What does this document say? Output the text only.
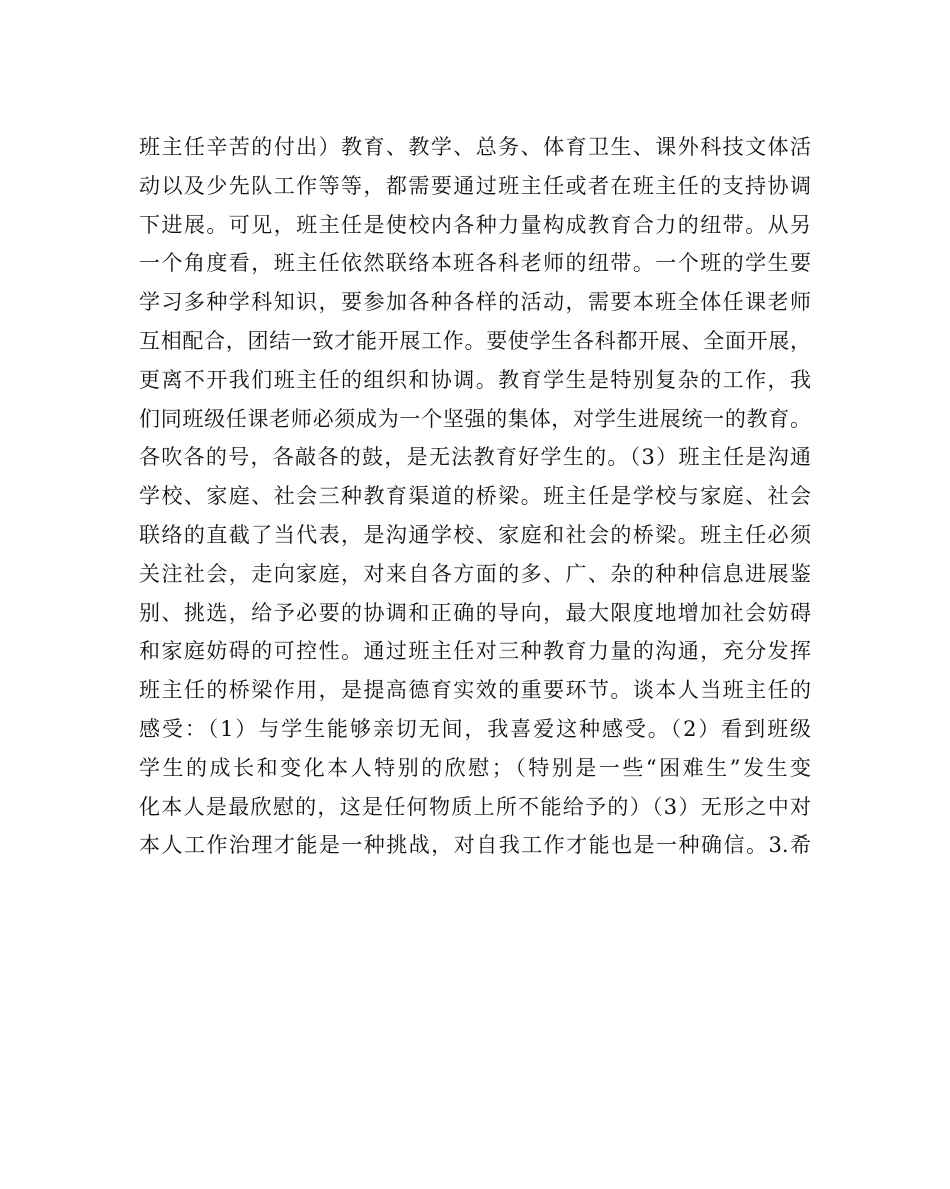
班主任辛苦的付出）教育、教学、总务、体育卫生、课外科技文体活
动以及少先队工作等等，都需要通过班主任或者在班主任的支持协调
下进展。可见，班主任是使校内各种力量构成教育合力的纽带。从另
一个角度看，班主任依然联络本班各科老师的纽带。一个班的学生要
学习多种学科知识，要参加各种各样的活动，需要本班全体任课老师
互相配合，团结一致才能开展工作。要使学生各科都开展、全面开展，
更离不开我们班主任的组织和协调。教育学生是特别复杂的工作，我
们同班级任课老师必须成为一个坚强的集体，对学生进展统一的教育。
各吹各的号，各敲各的鼓，是无法教育好学生的。（3）班主任是沟通
学校、家庭、社会三种教育渠道的桥梁。班主任是学校与家庭、社会
联络的直截了当代表，是沟通学校、家庭和社会的桥梁。班主任必须
关注社会，走向家庭，对来自各方面的多、广、杂的种种信息进展鉴
别、挑选，给予必要的协调和正确的导向，最大限度地增加社会妨碍
和家庭妨碍的可控性。通过班主任对三种教育力量的沟通，充分发挥
班主任的桥梁作用，是提高德育实效的重要环节。谈本人当班主任的
感受：（1）与学生能够亲切无间，我喜爱这种感受。（2）看到班级
学生的成长和变化本人特别的欣慰；（特别是一些“困难生”发生变
化本人是最欣慰的，这是任何物质上所不能给予的）（3）无形之中对
本人工作治理才能是一种挑战，对自我工作才能也是一种确信。3.希
